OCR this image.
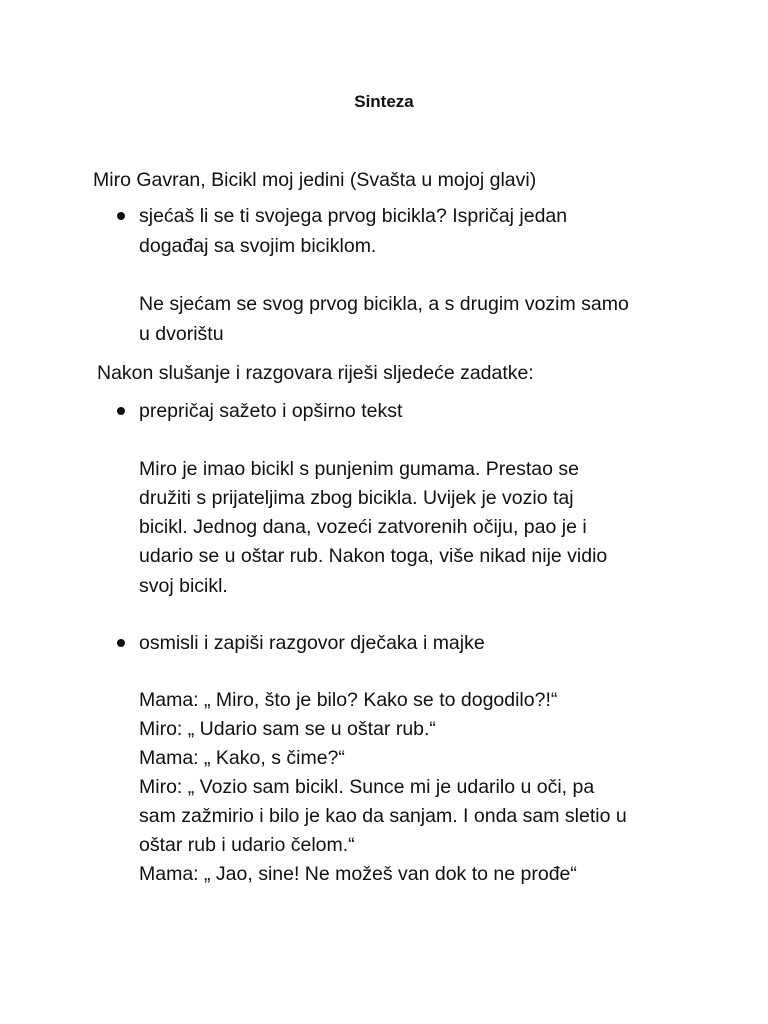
Sinteza
Miro Gavran, Bicikl moj jedini (Svašta u mojoj glavi)
sjećaš li se ti svojega prvog bicikla? Ispričaj jedan
događaj sa svojim biciklom.
Ne sjećam se svog prvog bicikla, a s drugim vozim samo
u dvorištu
Nakon slušanje i razgovara riješi sljedeće zadatke:
prepričaj sažeto i opširno tekst
Miro je imao bicikl s punjenim gumama. Prestao se
družiti s prijateljima zbog bicikla. Uvijek je vozio taj
bicikl. Jednog dana, vozeći zatvorenih očiju, pao je i
udario se u oštar rub. Nakon toga, više nikad nije vidio
svoj bicikl.
osmisli i zapiši razgovor dječaka i majke
Mama: „ Miro, što je bilo? Kako se to dogodilo?!“
Miro: „ Udario sam se u oštar rub.“
Mama: „ Kako, s čime?“
Miro: „ Vozio sam bicikl. Sunce mi je udarilo u oči, pa
sam zažmirio i bilo je kao da sanjam. I onda sam sletio u
oštar rub i udario čelom.“
Mama: „ Jao, sine! Ne možeš van dok to ne prođe“
